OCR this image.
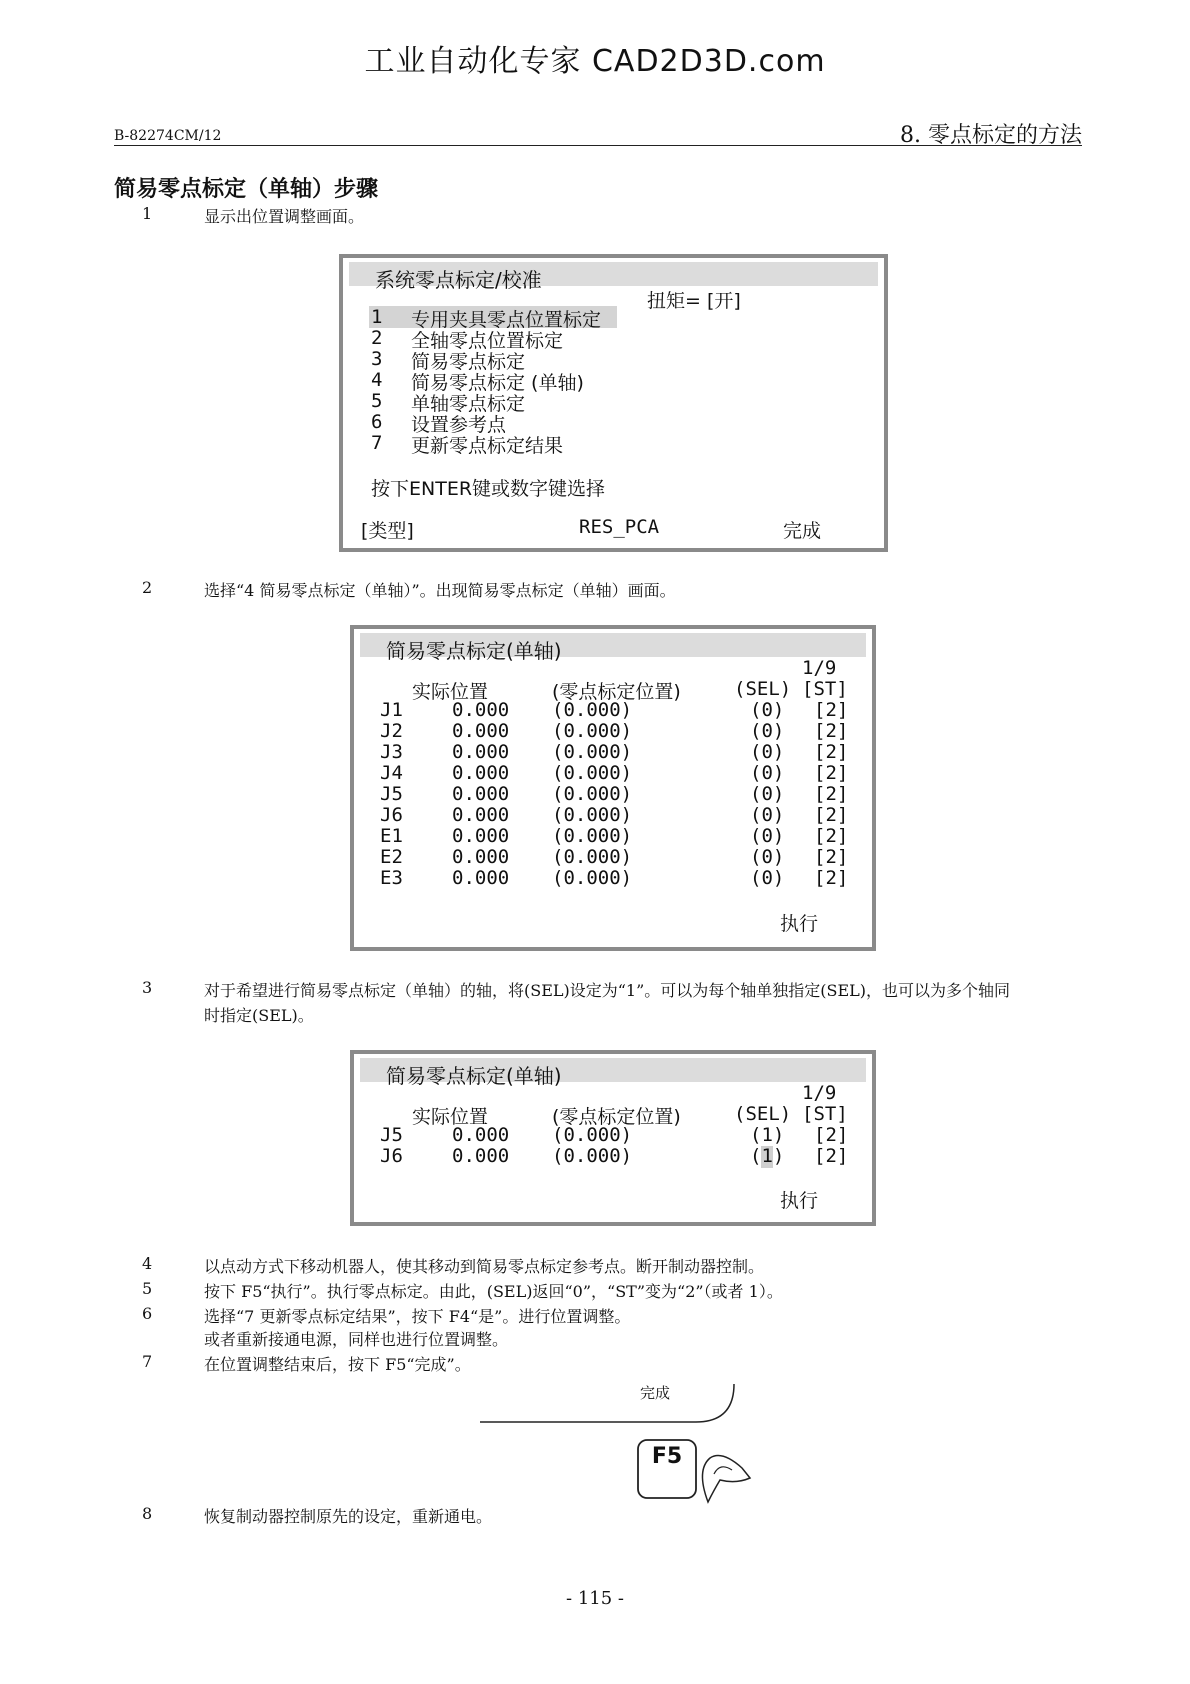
工业自动化专家 CAD2D3D.com
B-82274CM/12	8. 零点标定的方法
简易零点标定（单轴）步骤
1	显示出位置调整画面。
系统零点标定/校准
扭矩= [开]
1 专用夹具零点位置标定
2 全轴零点位置标定
3 简易零点标定
4 简易零点标定 (单轴)
5 单轴零点标定
6 设置参考点
7 更新零点标定结果
按下ENTER键或数字键选择
[类型]	RES_PCA	完成
2	选择“4 简易零点标定（单轴）”。出现简易零点标定（单轴）画面。
简易零点标定(单轴)
1/9
实际位置	(零点标定位置)	(SEL) [ST]
J1	0.000 (0.000)	(0) [2]
J2	0.000 (0.000)	(0) [2]
J3	0.000 (0.000)	(0) [2]
J4	0.000 (0.000)	(0) [2]
J5	0.000 (0.000)	(0) [2]
J6	0.000 (0.000)	(0) [2]
E1	0.000 (0.000)	(0) [2]
E2	0.000 (0.000)	(0) [2]
E3	0.000 (0.000)	(0) [2]
执行
3	对于希望进行简易零点标定（单轴）的轴，将(SEL)设定为“1”。可以为每个轴单独指定(SEL)，也可以为多个轴同
时指定(SEL)。
简易零点标定(单轴)
1/9
实际位置	(零点标定位置)	(SEL) [ST]
J5	0.000 (0.000)	(1) [2]
J6	0.000 (0.000)	(1) [2]
执行
4	以点动方式下移动机器人，使其移动到简易零点标定参考点。断开制动器控制。
5	按下 F5“执行”。执行零点标定。由此，(SEL)返回“0”，“ST”变为“2”（或者 1）。
6	选择“7 更新零点标定结果”，按下 F4“是”。进行位置调整。
或者重新接通电源，同样也进行位置调整。
7	在位置调整结束后，按下 F5“完成”。
完成
F5
8	恢复制动器控制原先的设定，重新通电。
- 115 -
